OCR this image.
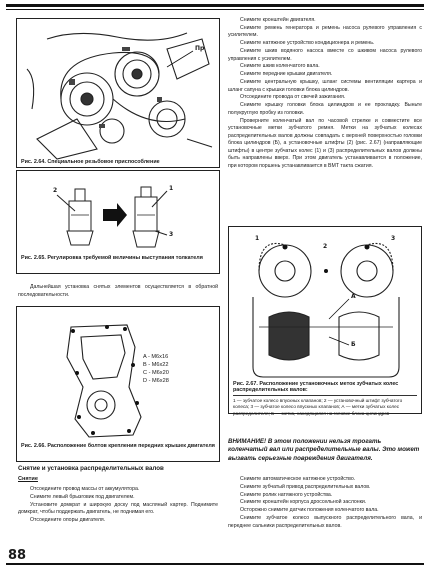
Пр
Рис. 2.64. Специальное резьбовое приспособление
1
2
3
Рис. 2.65. Регулировка требуемой величины выступания толкателя

Дальнейшая установка снятых элементов осуществляется в обратной последовательности.

A - M6x16
B - M6x22
C - M6x20
D - M6x28
Рис. 2.66. Расположение болтов крепления передних крышек двигателя
Снятие и установка распределительных валов
Снятие

Отсоедините провод массы от аккумулятора.

Снимите левый брызговик под двигателем.

Установите домкрат и широкую доску под масляный картер. Поднимите домкрат, чтобы поддержать двигатель, не поднимая его.

Отсоедините опоры двигателя.

Снимите кронштейн двигателя.

Снимите ремень генератора и ремень насоса рулевого управления с усилителем.

Снимите натяжное устройство кондиционера и ремень.

Снимите шкив водяного насоса вместе со шкивом насоса рулевого управления с усилителем.

Снимите шкив коленчатого вала.

Снимите передние крышки двигателя.

Снимите центральную крышку, шланг системы вентиляции картера и шланг сапуна с крышки головки блока цилиндров.

Отсоедините провода от свечей зажигания.

Снимите крышку головки блока цилиндров и ее прокладку. Выньте полукруглую пробку из головки.

Проверните коленчатый вал по часовой стрелке и совместите все установочные метки зубчатого ремня. Метки на зубчатых колесах распределительных валов должны совпадать с верхней поверхностью головки блока цилиндров (Б), а установочные штифты (2) (рис. 2.67) (направляющие штифты) в центре зубчатых колес (1) и (3) распределительных валов должны быть направлены вверх. При этом двигатель устанавливается в положение, при котором поршень устанавливается в ВМТ такта сжатия.

1
2
3
А
Б
Рис. 2.67. Расположение установочных меток зубчатых колес распределительных валов:
1 — зубчатое колесо впускных клапанов; 2 — установочный штифт зубчатого колеса; 3 — зубчатое колесо впускных клапанов; А — метки зубчатых колес распределителя; Б — метка, находящаяся на головке блока цилиндров
ВНИМАНИЕ! В этом положении нельзя трогать коленчатый вал или распределительные валы. Это может вызвать серьезные повреждения двигателя.

Снимите автоматическое натяжное устройство.

Снимите зубчатый привод распределительных валов.

Снимите ролик натяжного устройства.

Снимите кронштейн корпуса дроссельной заслонки.

Осторожно снимите датчик положения коленчатого вала.

Снимите зубчатое колесо выпускного распределительного вала, и переднее сальники распределительных валов.

88
